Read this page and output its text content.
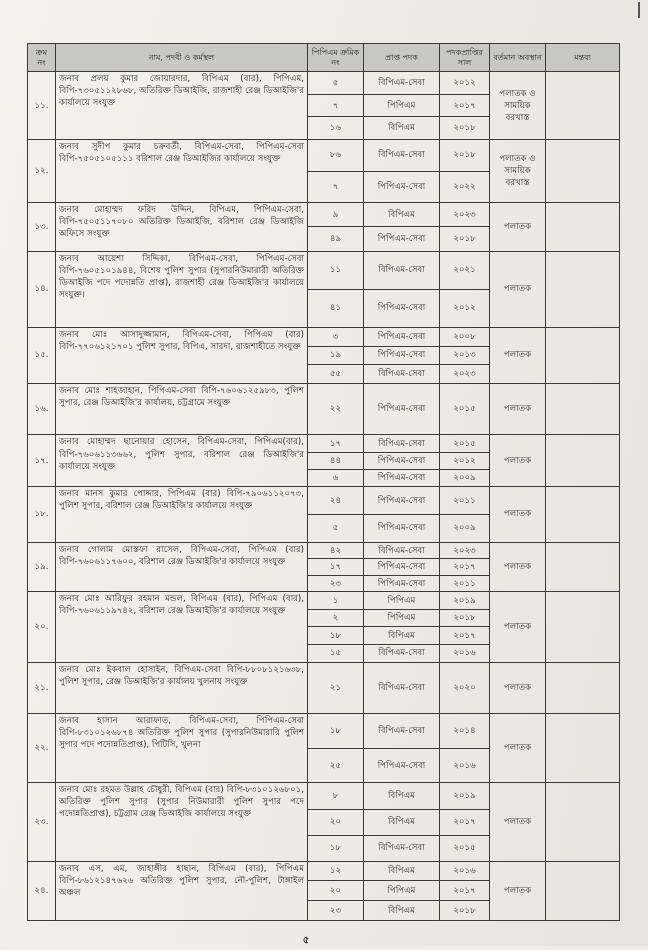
ক্রম নং	নাম, পদবী ও কর্মস্থল	পিপিএম ক্রমিক নং	প্রাপ্ত পদক	পদকপ্রাপ্তির সাল	বর্তমান অবস্থান	মন্তব্য
১১.	জনাব প্রলয় কুমার জোয়ারদার, বিপিএম (বার), পিপিএম, বিপি-৭৩০৫১১২৮৬৮, অতিরিক্ত ডিআইজি, রাজশাহী রেঞ্জ ডিআইজি'র কার্যালয়ে সংযুক্ত	৫	বিপিএম-সেবা	২০১২	পলাতক ও সাময়িক বরখাস্ত	
		৭	পিপিএম	২০১৭		
		১৬	বিপিএম	২০১৮		
১২.	জনাব সুদীপ কুমার চক্রবর্তী, বিপিএম-সেবা, পিপিএম-সেবা বিপি-৭৫০৫১০৫১১১ বরিশাল রেঞ্জ ডিআইজির কার্যালয়ে সংযুক্ত	৮৬	বিপিএম-সেবা	২০১৮	পলাতক ও সাময়িক বরখাস্ত	
		৭	পিপিএম-সেবা	২০২২		
১৩.	জনাব মোহাম্মদ ফরিদ উদ্দিন, বিপিএম, পিপিএম-সেবা, বিপি-৭৫০৫১১৭০৮০ অতিরিক্ত ডিআইজি, বরিশাল রেঞ্জ ডিআইজি অফিসে সংযুক্ত	৯	বিপিএম	২০২৩	পলাতক	
		৪৯	পিপিএম-সেবা	২০১৮		
১৪.	জনাব আয়েশা সিদ্দিকা, বিপিএম-সেবা, পিপিএম-সেবা বিপি-৭৬০৫১০১৯৪৪, বিশেষ পুলিশ সুপার (সুপারনিউমারারী অতিরিক্ত ডিআইজি পদে পদোন্নতি প্রাপ্ত), রাজশাহী রেঞ্জ ডিআইজি'র কার্যালয়ে সংযুক্ত।	১১	বিপিএম-সেবা	২০২১	পলাতক	
		৪১	পিপিএম-সেবা	২০১২		
১৫.	জনাব মোঃ আসাদুজ্জামান, বিপিএম-সেবা, পিপিএম (বার) বিপি-৭৭০৬১২১৭০১ পুলিশ সুপার, বিপিএ, সারদা, রাজশাহীতে সংযুক্ত	৩	পিপিএম-সেবা	২০০৮	পলাতক	
		১৯	পিপিএম-সেবা	২০১৩		
		৫৫	বিপিএম-সেবা	২০২৩		
১৬.	জনাব মোঃ শাহজাহান, পিপিএম-সেবা বিপি-৭৬০৬১২৫৯৮৩, পুলিশ সুপার, রেঞ্জ ডিআইজি'র কার্যালয়, চট্টগ্রামে সংযুক্ত	২২	পিপিএম-সেবা	২০১৫	পলাতক	
১৭.	জনাব মোহাম্মদ ছানোয়ার হোসেন, বিপিএম-সেবা, পিপিএম(বার), বিপি-৭৬০৬১১৩৬৬২, পুলিশ সুপার, বরিশাল রেঞ্জ ডিআইজি'র কার্যালয়ে সংযুক্ত	১৭	বিপিএম-সেবা	২০১৫	পলাতক	
		৪৪	পিপিএম-সেবা	২০১২		
		৬	পিপিএম-সেবা	২০০৯		
১৮.	জনাব মানস কুমার পোদ্দার, পিপিএম (বার) বিপি-৭৯০৬১১২০৭৩, পুলিশ সুপার, বরিশাল রেঞ্জ ডিআইজি'র কার্যালয়ে সংযুক্ত	২৪	পিপিএম-সেবা	২০১১	পলাতক	
		৫	পিপিএম-সেবা	২০০৯		
১৯.	জনাব গোলাম মোস্তফা রাসেল, বিপিএম-সেবা, পিপিএম (বার) বিপি-৭৬০৬১১৭৬০০, বরিশাল রেঞ্জ ডিআইজি'র কার্যালয়ে সংযুক্ত	৪২	বিপিএম-সেবা	২০২৩	পলাতক	
		১৭	পিপিএম-সেবা	২০১৭		
		২৩	পিপিএম-সেবা	২০১১		
২০.	জনাব মোঃ আরিফুর রহমান মন্ডল, বিপিএম (বার), পিপিএম (বার), বিপি-৭৬০৬১১৯৭৪২, বরিশাল রেঞ্জ ডিআইজি'র কার্যালয়ে সংযুক্ত	১	পিপিএম	২০১৯	পলাতক	
		২	পিপিএম	২০১৮		
		১৮	বিপিএম	২০১৭		
		১৫	বিপিএম-সেবা	২০১৬		
২১.	জনাব মোঃ ইকবাল হোসাইন, বিপিএম-সেবা বিপি-৮৮০৮১২১৬৩৮, পুলিশ সুপার, রেঞ্জ ডিআইজি'র কার্যালয় খুলনায় সংযুক্ত	২১	বিপিএম-সেবা	২০২০	পলাতক	
২২.	জনাব হাসান আরাফাত, বিপিএম-সেবা, পিপিএম-সেবা বিপি-৮৩১০১২৬৮৭৪ অতিরিক্ত পুলিশ সুপার (সুপারনিউমারারি পুলিশ সুপার পদে পদোন্নতিপ্রাপ্ত), পিটিসি, খুলনা	১৮	বিপিএম-সেবা	২০১৪	পলাতক	
		২৫	পিপিএম-সেবা	২০১৬		
২৩.	জনাব মোঃ রহমত উল্লাহ চৌধুরী, বিপিএম (বার) বিপি-৮৩১০১২৬৮০১, অতিরিক্ত পুলিশ সুপার (সুপার নিউমারারী পুলিশ সুপার পদে পদোন্নতিপ্রাপ্ত), চট্টগ্রাম রেঞ্জ ডিআইজি কার্যালয়ে সংযুক্ত	৮	বিপিএম	২০১৯	পলাতক	
		২০	বিপিএম	২০১৭		
		১৮	বিপিএম-সেবা	২০১৫		
২৪.	জনাব এস, এম, জাহাঙ্গীর হাছান, বিপিএম (বার), পিপিএম বিপি-৮৬১২১৪৭৬২৬ অতিরিক্ত পুলিশ সুপার, নৌ-পুলিশ, টাঙ্গাইল অঞ্চল	১২	বিপিএম	২০১৬	পলাতক	
		২০	পিপিএম	২০১৭		
		২৩	বিপিএম	২০১৮		
৫
